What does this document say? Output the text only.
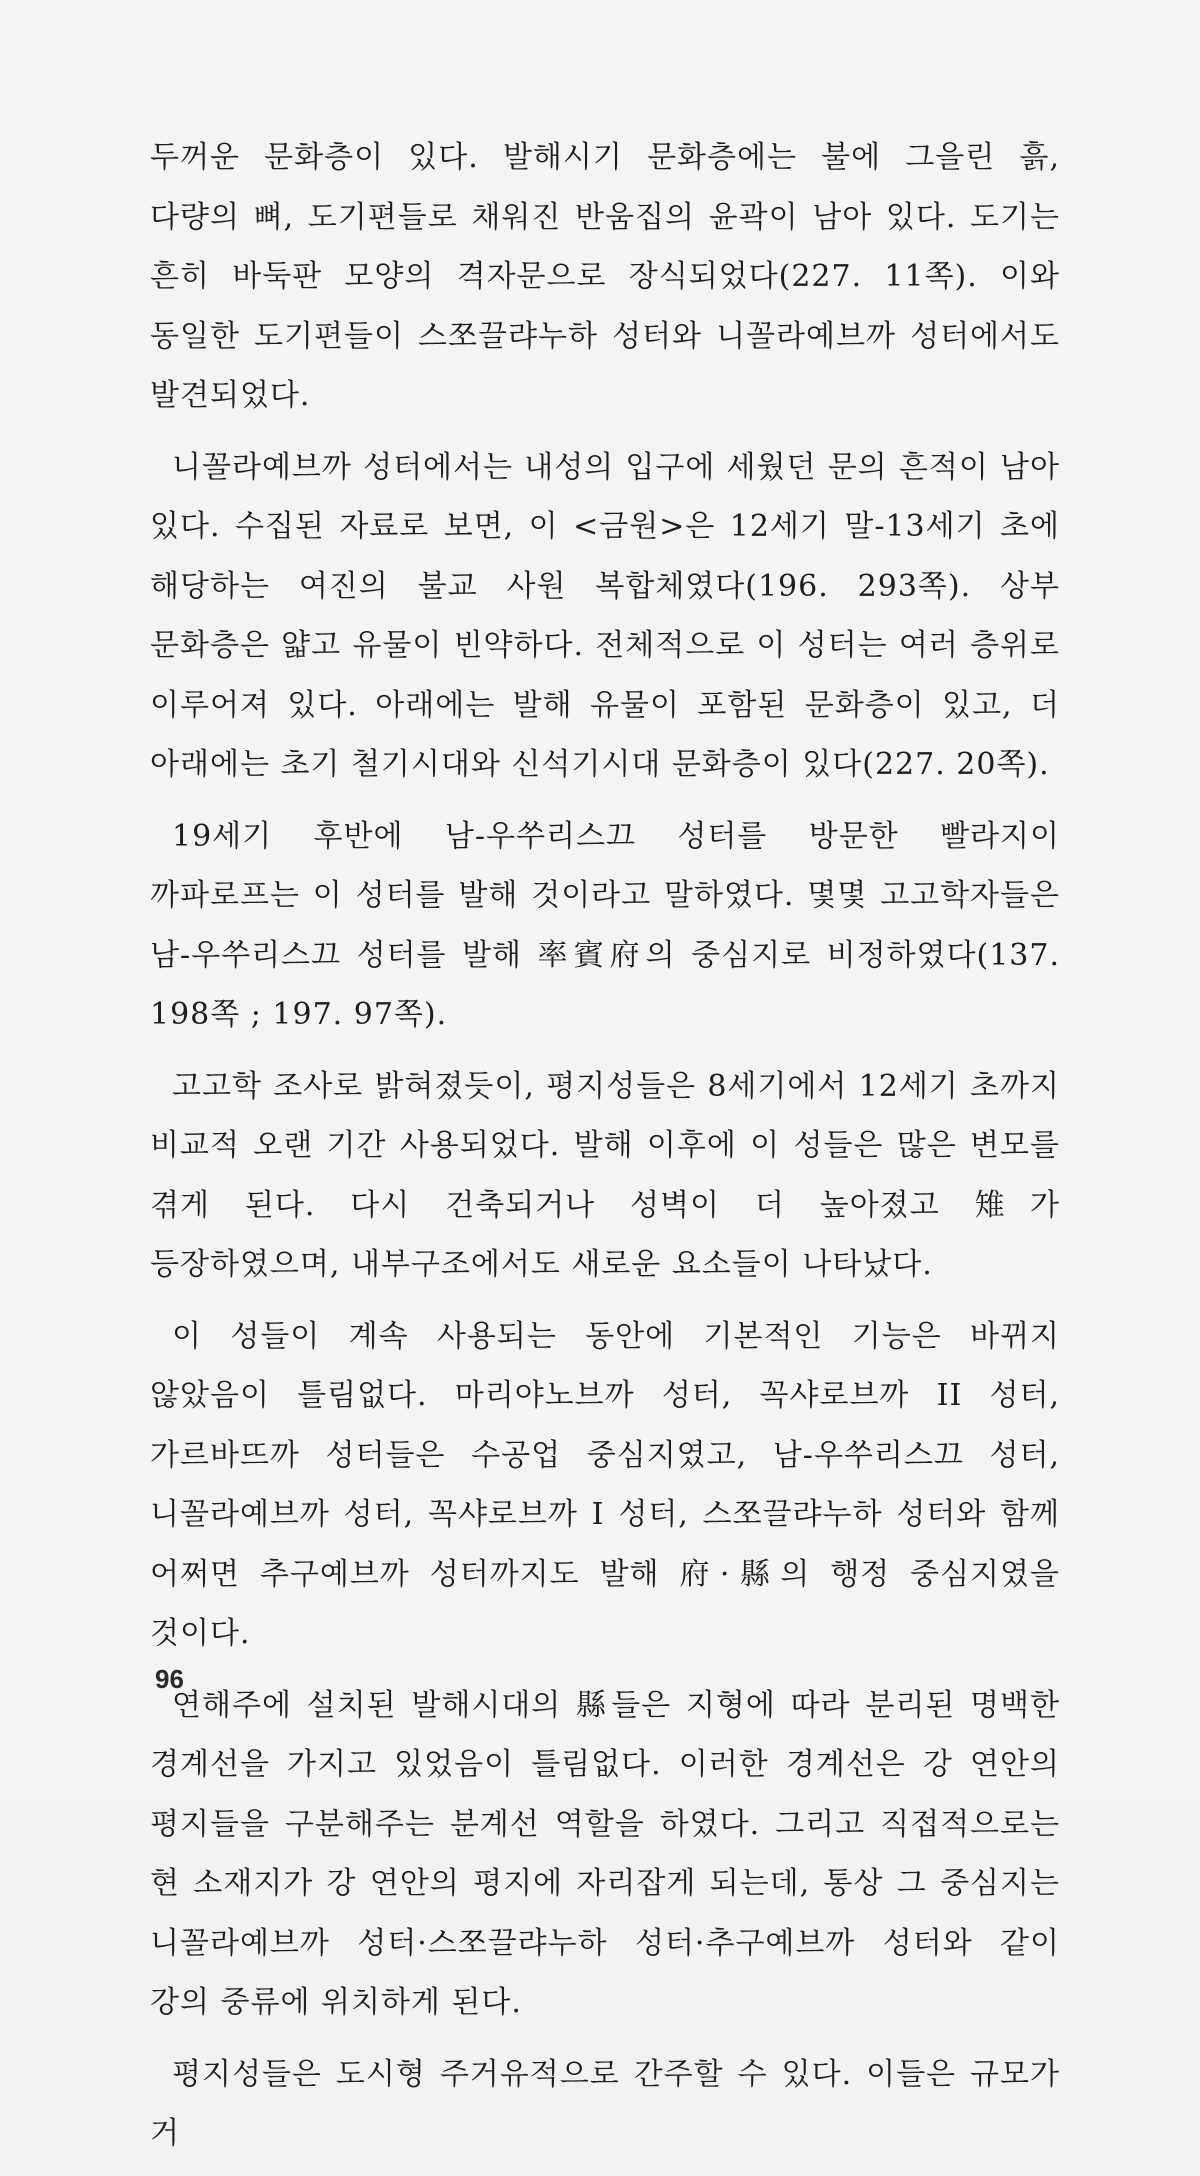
두꺼운 문화층이 있다. 발해시기 문화층에는 불에 그을린 흙, 다량의 뼈, 도기편들로 채워진 반움집의 윤곽이 남아 있다. 도기는 흔히 바둑판 모양의 격자문으로 장식되었다(227. 11쪽). 이와 동일한 도기편들이 스쪼끌랴누하 성터와 니꼴라예브까 성터에서도 발견되었다.

니꼴라예브까 성터에서는 내성의 입구에 세웠던 문의 흔적이 남아 있다. 수집된 자료로 보면, 이 <금원>은 12세기 말-13세기 초에 해당하는 여진의 불교 사원 복합체였다(196. 293쪽). 상부 문화층은 얇고 유물이 빈약하다. 전체적으로 이 성터는 여러 층위로 이루어져 있다. 아래에는 발해 유물이 포함된 문화층이 있고, 더 아래에는 초기 철기시대와 신석기시대 문화층이 있다(227. 20쪽).

19세기 후반에 남-우쑤리스끄 성터를 방문한 빨라지이 까파로프는 이 성터를 발해 것이라고 말하였다. 몇몇 고고학자들은 남-우쑤리스끄 성터를 발해 率賓府의 중심지로 비정하였다(137. 198쪽 ; 197. 97쪽).

고고학 조사로 밝혀졌듯이, 평지성들은 8세기에서 12세기 초까지 비교적 오랜 기간 사용되었다. 발해 이후에 이 성들은 많은 변모를 겪게 된다. 다시 건축되거나 성벽이 더 높아졌고 雉가 등장하였으며, 내부구조에서도 새로운 요소들이 나타났다.

이 성들이 계속 사용되는 동안에 기본적인 기능은 바뀌지 않았음이 틀림없다. 마리야노브까 성터, 꼭샤로브까 II 성터, 가르바뜨까 성터들은 수공업 중심지였고, 남-우쑤리스끄 성터, 니꼴라예브까 성터, 꼭샤로브까 I 성터, 스쪼끌랴누하 성터와 함께 어쩌면 추구예브까 성터까지도 발해 府·縣의 행정 중심지였을 것이다.

연해주에 설치된 발해시대의 縣들은 지형에 따라 분리된 명백한 경계선을 가지고 있었음이 틀림없다. 이러한 경계선은 강 연안의 평지들을 구분해주는 분계선 역할을 하였다. 그리고 직접적으로는 현 소재지가 강 연안의 평지에 자리잡게 되는데, 통상 그 중심지는 니꼴라예브까 성터·스쪼끌랴누하 성터·추구예브까 성터와 같이 강의 중류에 위치하게 된다.

평지성들은 도시형 주거유적으로 간주할 수 있다. 이들은 규모가 거

96
